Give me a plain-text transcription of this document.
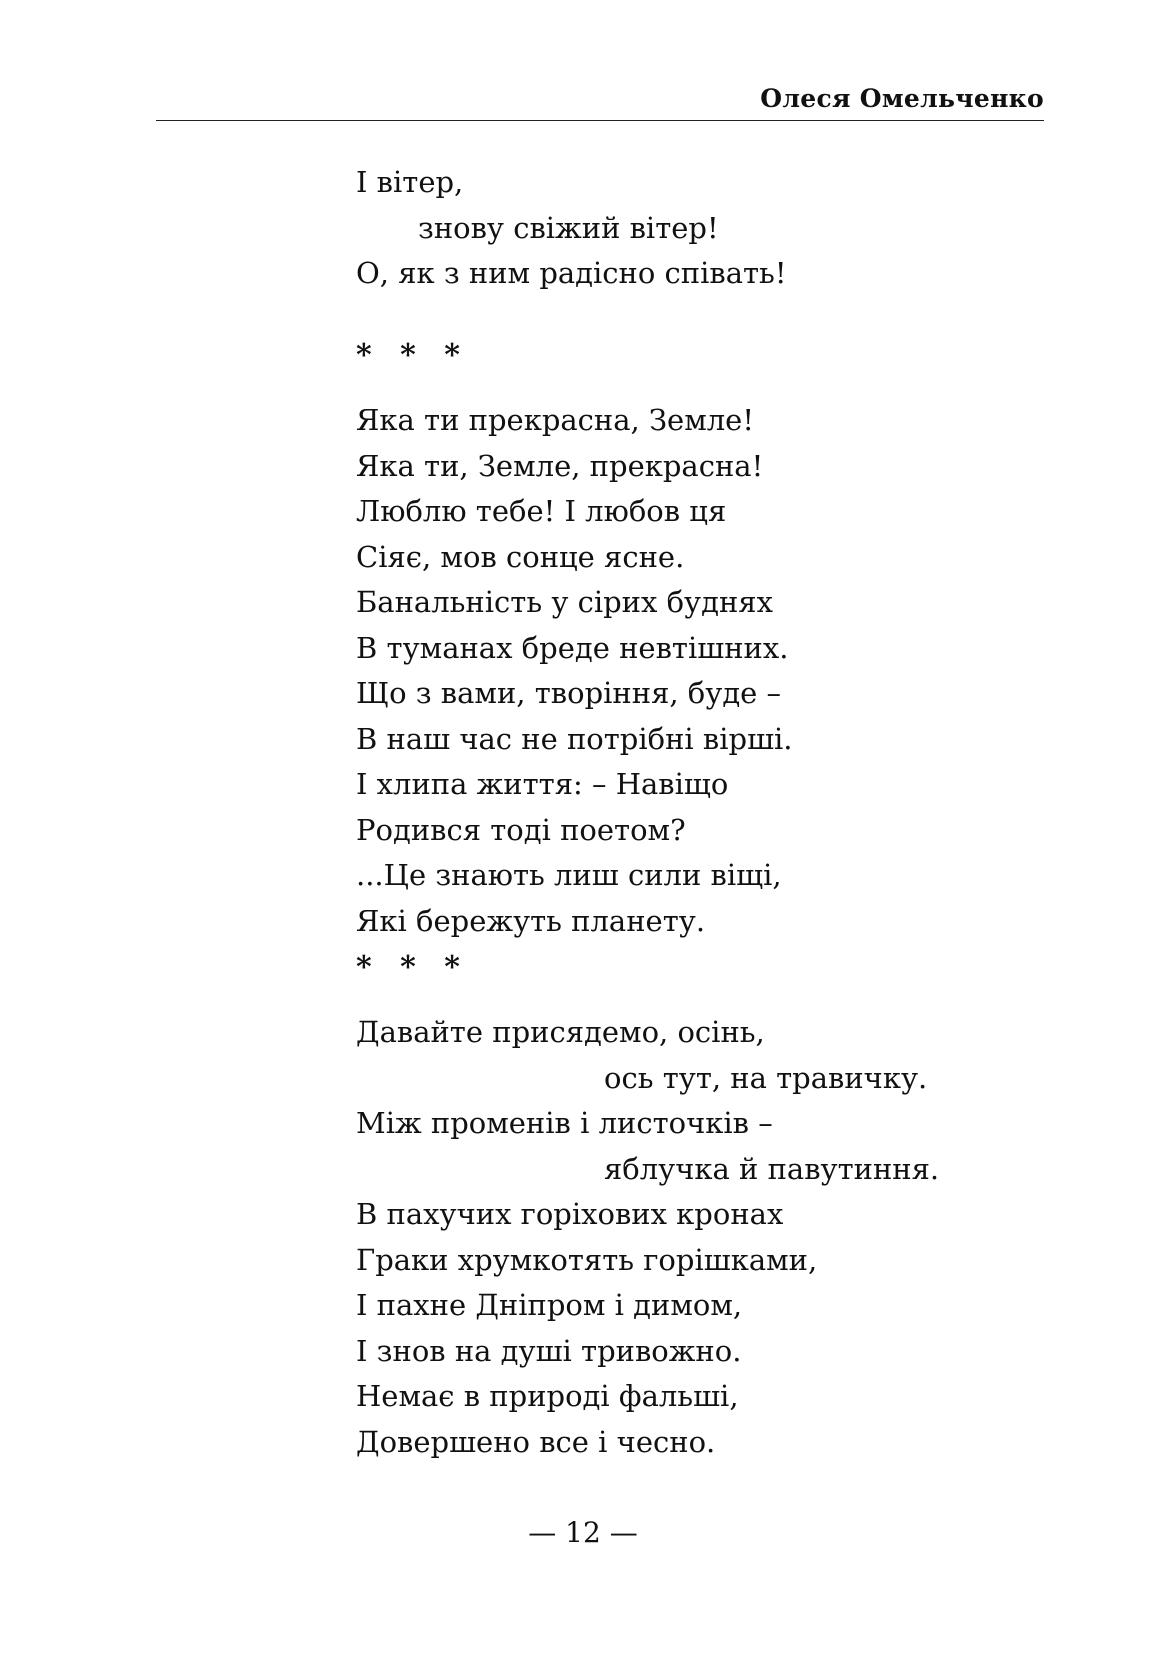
Олеся Омельченко
І вітер,
знову свіжий вітер!
О, як з ним радісно співать!
* * *
Яка ти прекрасна, Земле!
Яка ти, Земле, прекрасна!
Люблю тебе! І любов ця
Сіяє, мов сонце ясне.
Банальність у сірих буднях
В туманах бреде невтішних.
Що з вами, творіння, буде –
В наш час не потрібні вірші.
І хлипа життя: – Навіщо
Родився тоді поетом?
...Це знають лиш сили віщі,
Які бережуть планету.
* * *
Давайте присядемо, осінь,
ось тут, на травичку.
Між променів і листочків –
яблучка й павутиння.
В пахучих горіхових кронах
Граки хрумкотять горішками,
І пахне Дніпром і димом,
І знов на душі тривожно.
Немає в природі фальші,
Довершено все і чесно.
— 12 —
